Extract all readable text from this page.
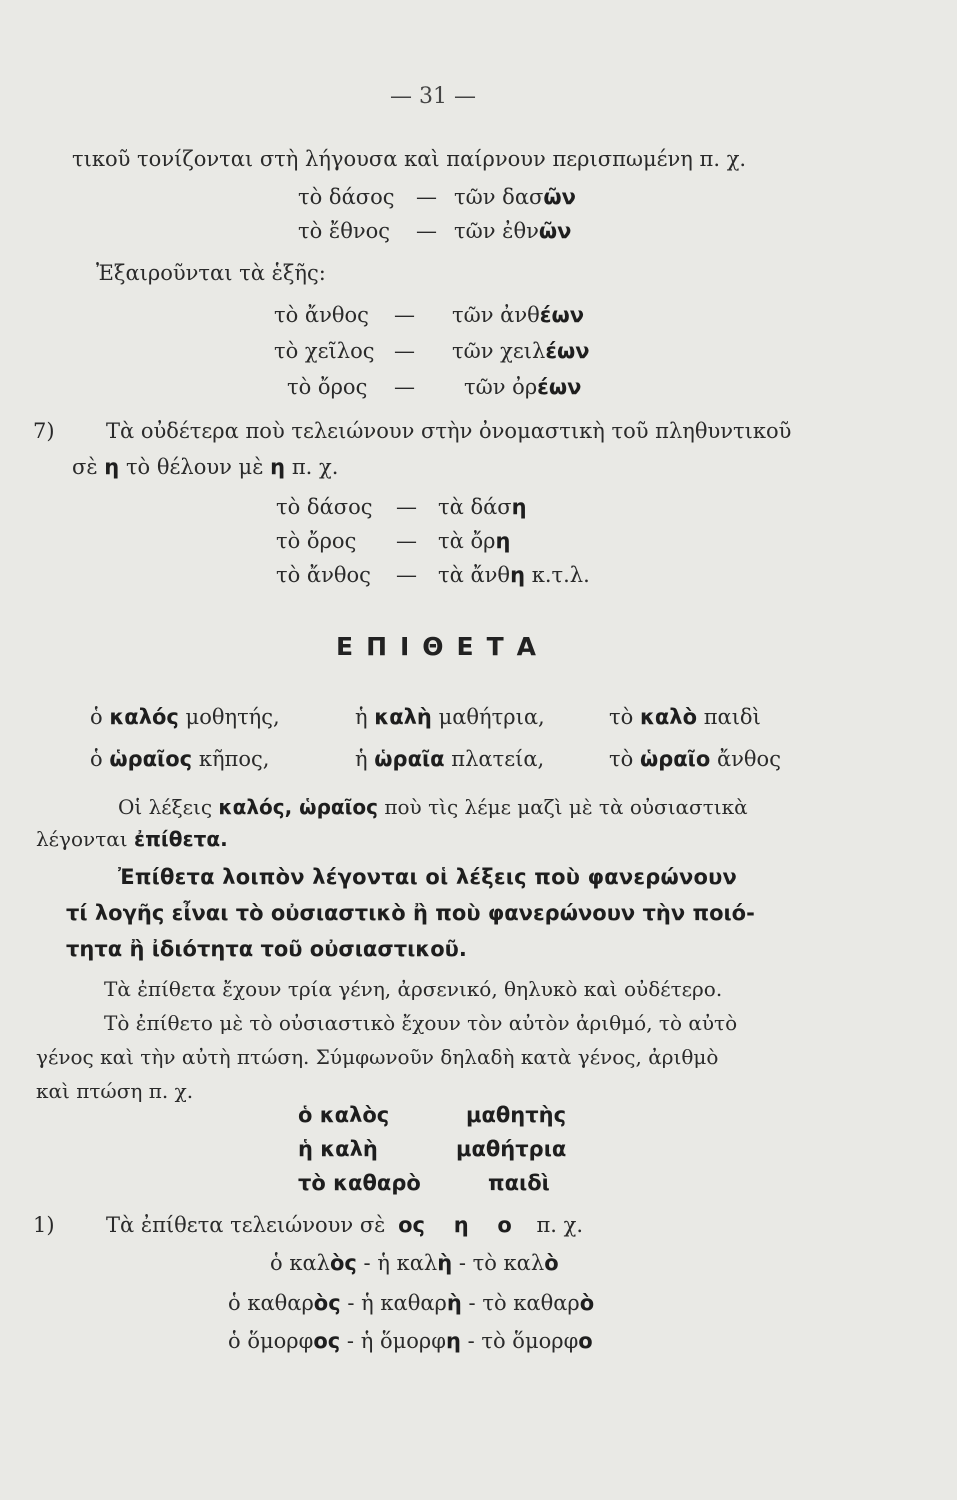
— 31 —
τικοῦ τονίζονται στὴ λήγουσα καὶ παίρνουν περισπωμένη π. χ.
τὸ δάσος — τῶν δασῶν
τὸ ἔθνος — τῶν ἐθνῶν
Ἐξαιροῦνται τὰ ἑξῆς:
τὸ ἄνθος — τῶν ἀνθέων
τὸ χεῖλος — τῶν χειλέων
τὸ ὄρος — τῶν ὀρέων
7) Τὰ οὐδέτερα ποὺ τελειώνουν στὴν ὀνομαστικὴ τοῦ πληθυντικοῦ
σὲ η τὸ θέλουν μὲ η π. χ.
τὸ δάσος — τὰ δάση
τὸ ὄρος — τὰ ὄρη
τὸ ἄνθος — τὰ ἄνθη κ.τ.λ.
ΕΠΙΘΕΤΑ
ὁ καλός μοθητής,	ἡ καλὴ μαθήτρια,	τὸ καλὸ παιδὶ
ὁ ὡραῖος κῆπος,	ἡ ὡραῖα πλατεία,	τὸ ὡραῖο ἄνθος
Οἱ λέξεις καλός, ὡραῖος ποὺ τὶς λέμε μαζὶ μὲ τὰ οὐσιαστικὰ
λέγονται ἐπίθετα.
Ἐπίθετα λοιπὸν λέγονται οἱ λέξεις ποὺ φανερώνουν
τί λογῆς εἶναι τὸ οὐσιαστικὸ ἢ ποὺ φανερώνουν τὴν ποιό-
τητα ἢ ἰδιότητα τοῦ οὐσιαστικοῦ.
Τὰ ἐπίθετα ἔχουν τρία γένη, ἀρσενικό, θηλυκὸ καὶ οὐδέτερο.
Τὸ ἐπίθετο μὲ τὸ οὐσιαστικὸ ἔχουν τὸν αὐτὸν ἀριθμό, τὸ αὐτὸ
γένος καὶ τὴν αὐτὴ πτώση. Σύμφωνοῦν δηλαδὴ κατὰ γένος, ἀριθμὸ
καὶ πτώση π. χ.
ὁ καλὸς	μαθητὴς
ἡ καλὴ	μαθήτρια
τὸ καθαρὸ	παιδὶ
1) Τὰ ἐπίθετα τελειώνουν σὲ ος η ο π. χ.
ὁ καλὸς - ἡ καλὴ - τὸ καλὸ
ὁ καθαρὸς - ἡ καθαρὴ - τὸ καθαρὸ
ὁ ὅμορφος - ἡ ὅμορφη - τὸ ὅμορφο
